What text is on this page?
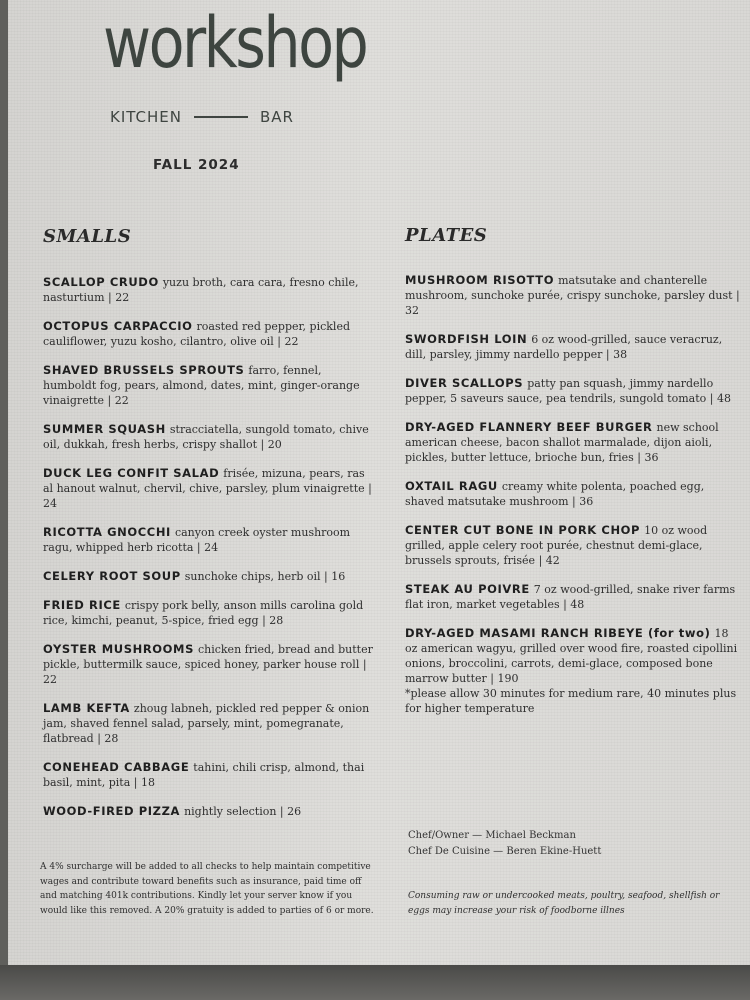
workshop
KITCHEN	BAR
FALL 2024
SMALLS	PLATES
SCALLOP CRUDO yuzu broth, cara cara, fresno chile, nasturtium | 22
OCTOPUS CARPACCIO roasted red pepper, pickled cauliflower, yuzu kosho, cilantro, olive oil | 22
SHAVED BRUSSELS SPROUTS farro, fennel, humboldt fog, pears, almond, dates, mint, ginger-orange vinaigrette | 22
SUMMER SQUASH stracciatella, sungold tomato, chive oil, dukkah, fresh herbs, crispy shallot | 20
DUCK LEG CONFIT SALAD frisée, mizuna, pears, ras al hanout walnut, chervil, chive, parsley, plum vinaigrette | 24
RICOTTA GNOCCHI canyon creek oyster mushroom ragu, whipped herb ricotta | 24
CELERY ROOT SOUP sunchoke chips, herb oil | 16
FRIED RICE crispy pork belly, anson mills carolina gold rice, kimchi, peanut, 5-spice, fried egg | 28
OYSTER MUSHROOMS chicken fried, bread and butter pickle, buttermilk sauce, spiced honey, parker house roll | 22
LAMB KEFTA zhoug labneh, pickled red pepper & onion jam, shaved fennel salad, parsely, mint, pomegranate, flatbread | 28
CONEHEAD CABBAGE tahini, chili crisp, almond, thai basil, mint, pita | 18
WOOD-FIRED PIZZA nightly selection | 26
MUSHROOM RISOTTO matsutake and chanterelle mushroom, sunchoke purée, crispy sunchoke, parsley dust | 32
SWORDFISH LOIN 6 oz wood-grilled, sauce veracruz, dill, parsley, jimmy nardello pepper | 38
DIVER SCALLOPS patty pan squash, jimmy nardello pepper, 5 saveurs sauce, pea tendrils, sungold tomato | 48
DRY-AGED FLANNERY BEEF BURGER new school american cheese, bacon shallot marmalade, dijon aioli, pickles, butter lettuce, brioche bun, fries | 36
OXTAIL RAGU creamy white polenta, poached egg, shaved matsutake mushroom | 36
CENTER CUT BONE IN PORK CHOP 10 oz wood grilled, apple celery root purée, chestnut demi-glace, brussels sprouts, frisée | 42
STEAK AU POIVRE 7 oz wood-grilled, snake river farms flat iron, market vegetables | 48
DRY-AGED MASAMI RANCH RIBEYE (for two) 18 oz american wagyu, grilled over wood fire, roasted cipollini onions, broccolini, carrots, demi-glace, composed bone marrow butter | 190
*please allow 30 minutes for medium rare, 40 minutes plus for higher temperature
Chef/Owner — Michael Beckman
Chef De Cuisine — Beren Ekine-Huett
A 4% surcharge will be added to all checks to help maintain competitive wages and contribute toward benefits such as insurance, paid time off and matching 401k contributions. Kindly let your server know if you would like this removed. A 20% gratuity is added to parties of 6 or more.
Consuming raw or undercooked meats, poultry, seafood, shellfish or eggs may increase your risk of foodborne illnes
